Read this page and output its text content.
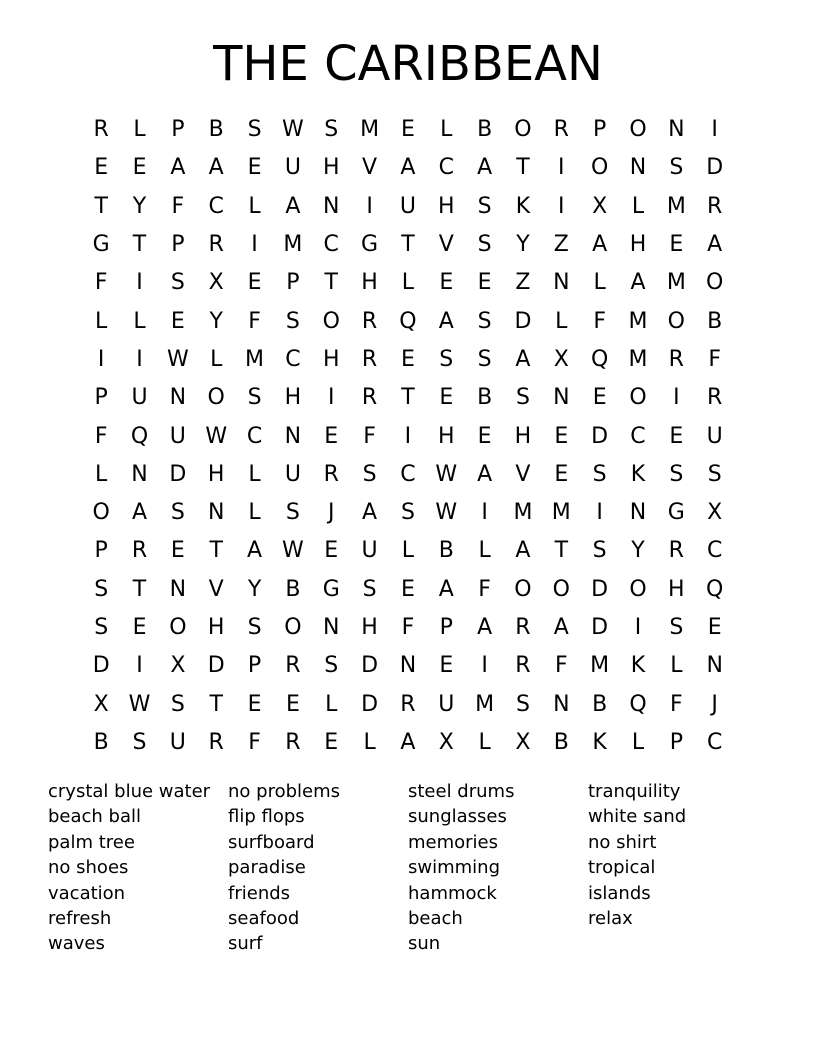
THE CARIBBEAN
R	L	P	B	S W S M E	L	B	O	R	P	O N	I
E	E	A	A	E	U	H	V	A	C	A	T	I	O N	S	D
T	Y	F	C	L	A	N	I	U	H	S	K	I	X	L	M R
G	T	P	R	I	M C	G	T	V	S	Y	Z	A	H	E	A
F	I	S	X	E	P	T	H	L	E	E	Z	N	L	A M O
L	L	E	Y	F	S	O	R	Q	A	S	D	L	F	M O	B
I	I	W L	M C	H	R	E	S	S	A	X	Q M R	F
P	U	N O	S	H	I	R	T	E	B	S	N	E	O	I	R
F	Q U W C	N	E	F	I	H	E	H	E	D	C	E	U
L	N D H	L	U	R	S	C W A	V	E	S	K	S	S
O	A	S	N	L	S	J	A	S W	I	M M	I	N G	X
P	R	E	T	A W E	U	L	B	L	A	T	S	Y	R	C
S	T	N	V	Y	B	G	S	E	A	F	O O D O H Q
S	E	O H	S	O N H	F	P	A	R	A	D	I	S	E
D	I	X	D	P	R	S	D N	E	I	R	F	M K	L	N
X W S	T	E	E	L	D	R	U M S	N	B	Q	F	J
B	S	U	R	F	R	E	L	A	X	L	X	B	K	L	P	C
crystal blue water
beach ball
palm tree
no shoes
vacation
refresh
waves
no problems
flip flops
surfboard
paradise
friends
seafood
surf
steel drums
sunglasses
memories
swimming
hammock
beach
sun
tranquility
white sand
no shirt
tropical
islands
relax
